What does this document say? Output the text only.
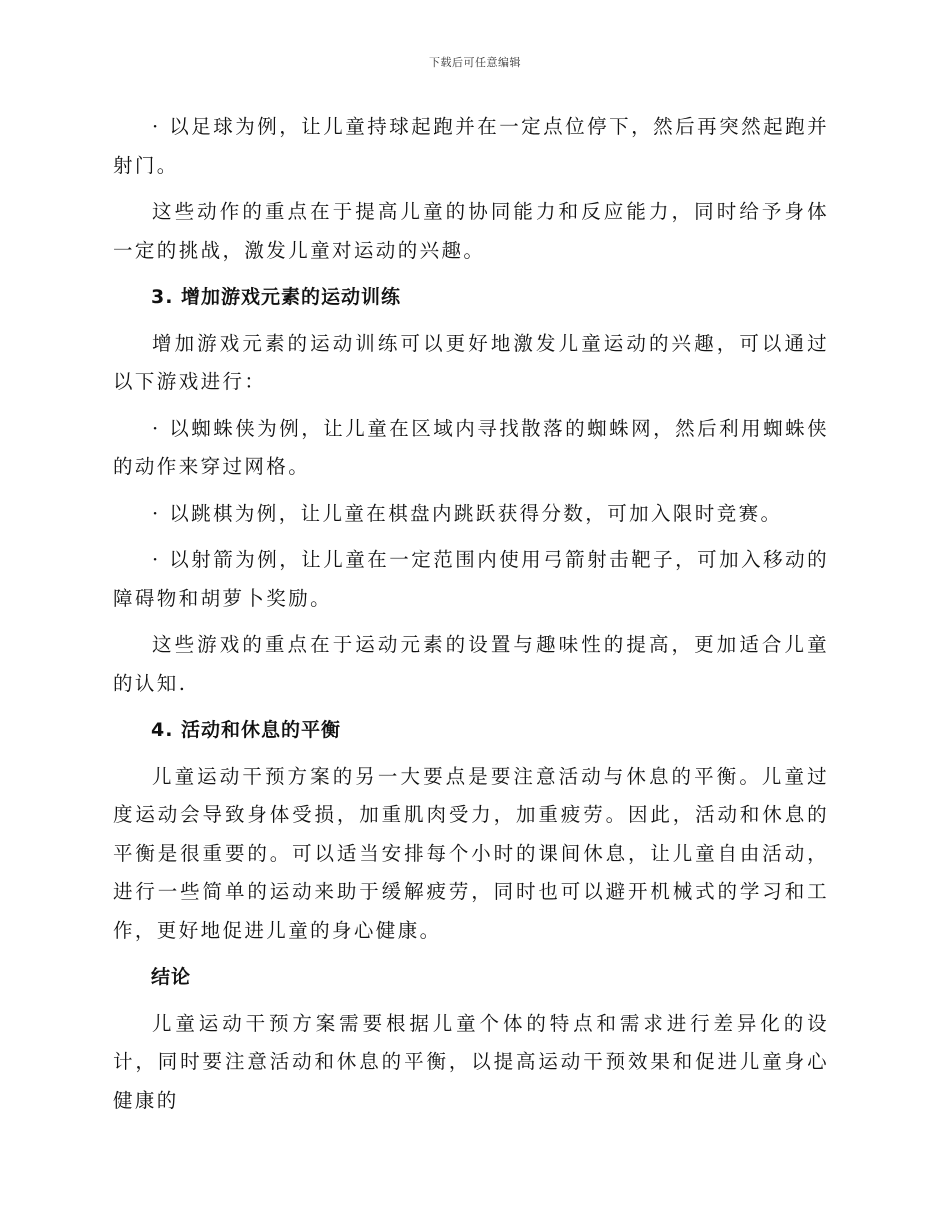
下载后可任意编辑

· 以足球为例，让儿童持球起跑并在一定点位停下，然后再突然起跑并射门。

这些动作的重点在于提高儿童的协同能力和反应能力，同时给予身体一定的挑战，激发儿童对运动的兴趣。

3. 增加游戏元素的运动训练

增加游戏元素的运动训练可以更好地激发儿童运动的兴趣，可以通过以下游戏进行：

· 以蜘蛛侠为例，让儿童在区域内寻找散落的蜘蛛网，然后利用蜘蛛侠的动作来穿过网格。

· 以跳棋为例，让儿童在棋盘内跳跃获得分数，可加入限时竞赛。

· 以射箭为例，让儿童在一定范围内使用弓箭射击靶子，可加入移动的障碍物和胡萝卜奖励。

这些游戏的重点在于运动元素的设置与趣味性的提高，更加适合儿童的认知.

4. 活动和休息的平衡

儿童运动干预方案的另一大要点是要注意活动与休息的平衡。儿童过度运动会导致身体受损，加重肌肉受力，加重疲劳。因此，活动和休息的平衡是很重要的。可以适当安排每个小时的课间休息，让儿童自由活动，进行一些简单的运动来助于缓解疲劳，同时也可以避开机械式的学习和工作，更好地促进儿童的身心健康。

结论

儿童运动干预方案需要根据儿童个体的特点和需求进行差异化的设计，同时要注意活动和休息的平衡，以提高运动干预效果和促进儿童身心健康的
